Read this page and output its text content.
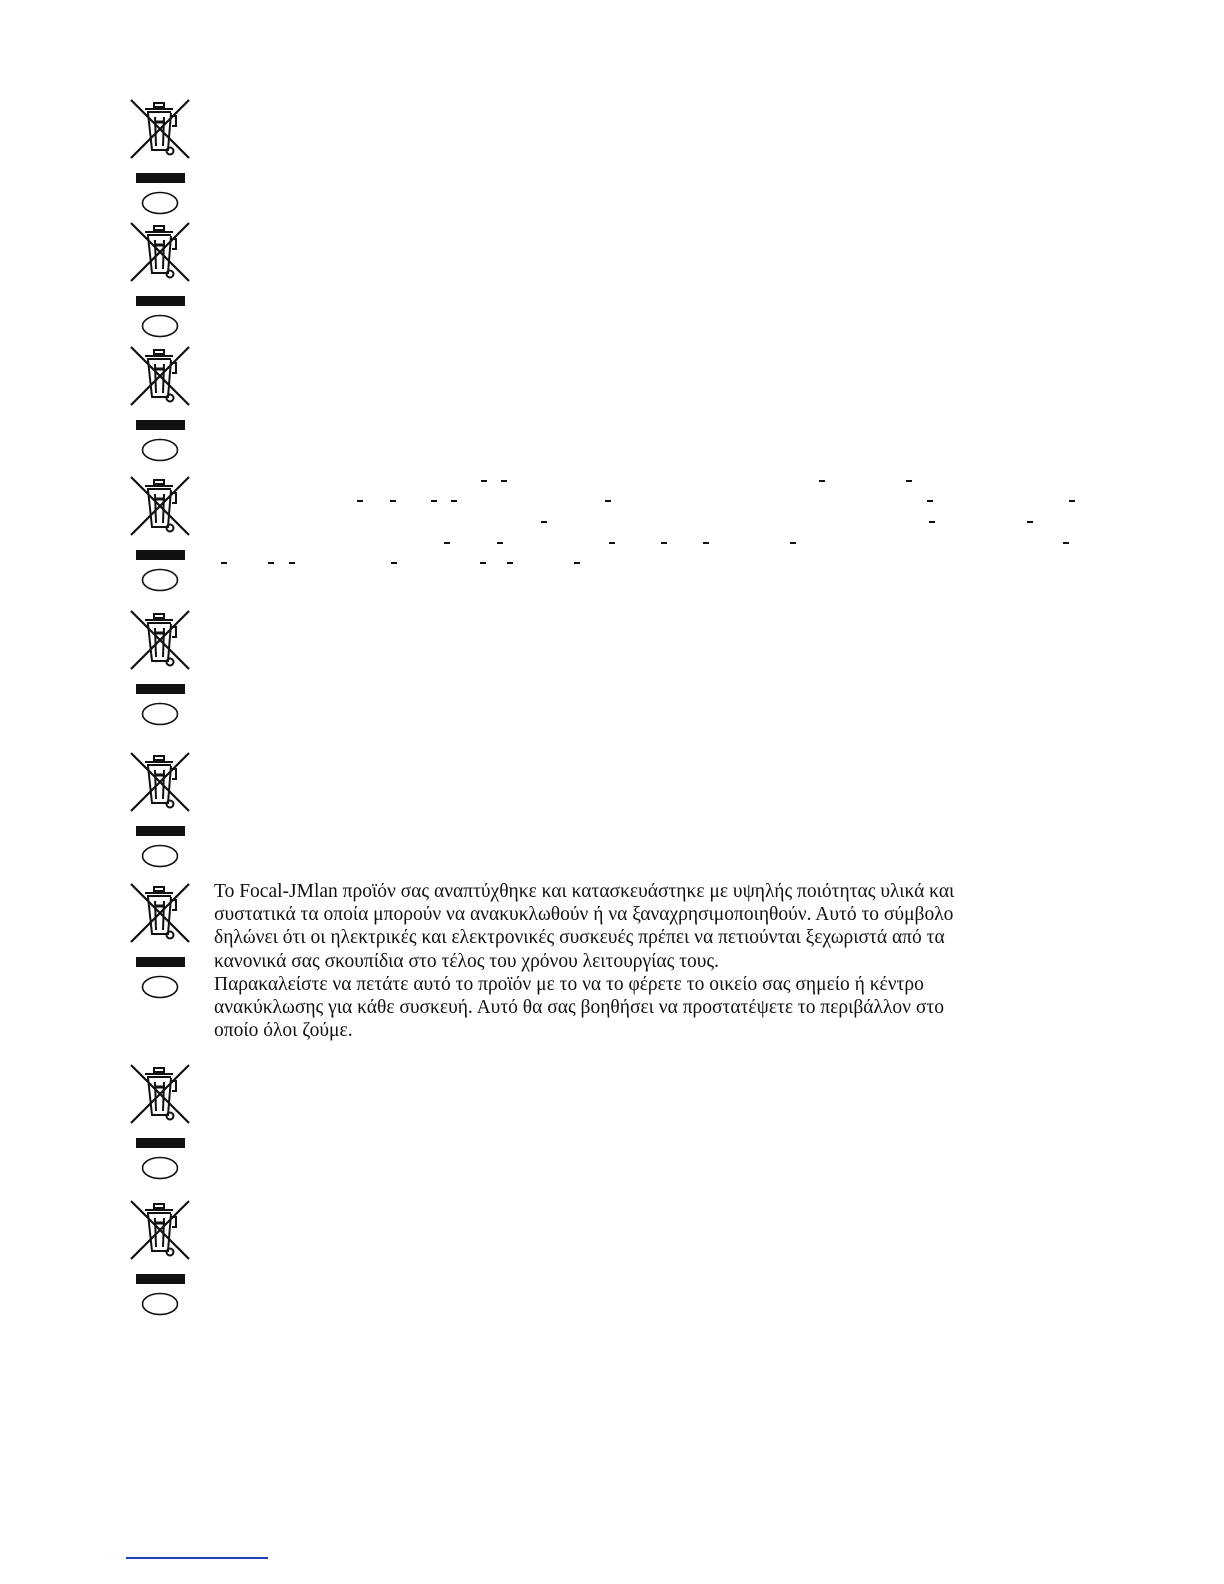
Το Focal-JMlan προϊόν σας αναπτύχθηκε και κατασκευάστηκε με υψηλής ποιότητας υλικά και
συστατικά τα οποία μπορούν να ανακυκλωθούν ή να ξαναχρησιμοποιηθούν. Αυτό το σύμβολο
δηλώνει ότι οι ηλεκτρικές και ελεκτρονικές συσκευές πρέπει να πετιούνται ξεχωριστά από τα
κανονικά σας σκουπίδια στο τέλος του χρόνου λειτουργίας τους.
Παρακαλείστε να πετάτε αυτό το προϊόν με το να το φέρετε το οικείο σας σημείο ή κέντρο
ανακύκλωσης για κάθε συσκευή. Αυτό θα σας βοηθήσει να προστατέψετε το περιβάλλον στο
οποίο όλοι ζούμε.
